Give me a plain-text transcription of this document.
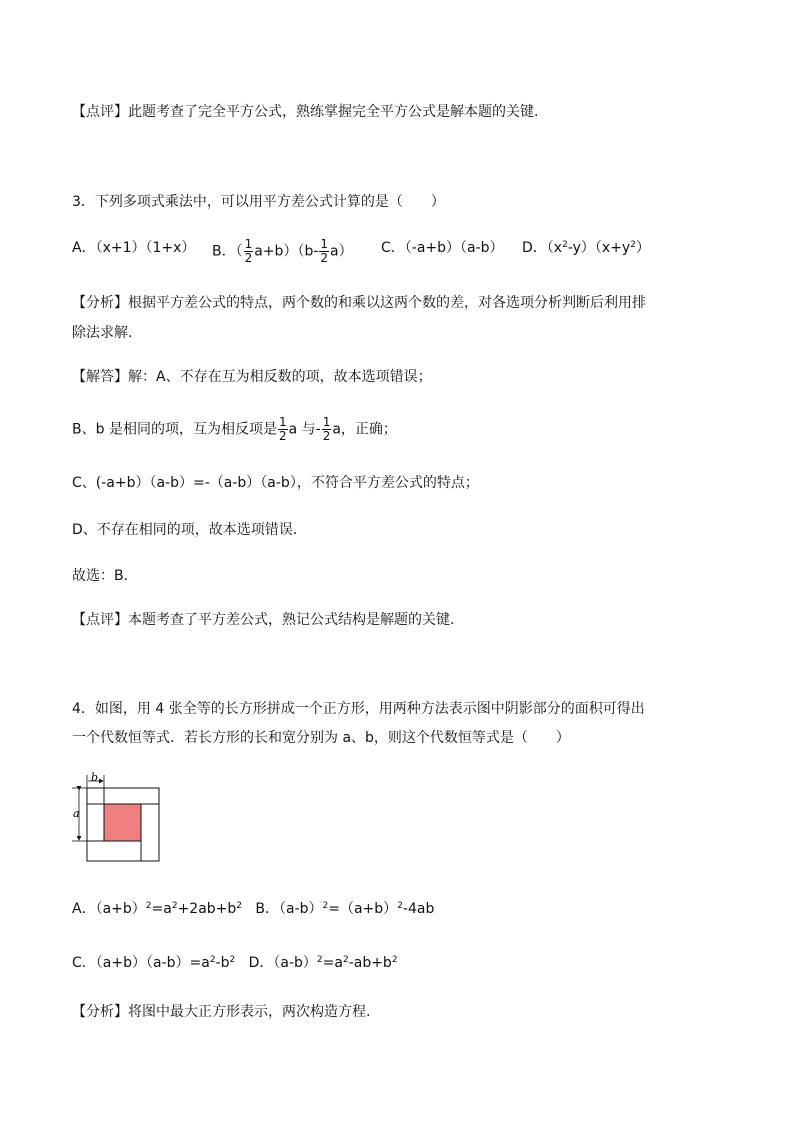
【点评】此题考查了完全平方公式，熟练掌握完全平方公式是解本题的关键.
3．下列多项式乘法中，可以用平方差公式计算的是（　　）
A．（x+1）（1+x） B．（ $\frac{1}{2} a+b)(b- \frac{1}{2} a)$ C．（-a+b）（a-b） D．$(x^2-y)(x+y^2)$
【分析】根据平方差公式的特点，两个数的和乘以这两个数的差，对各选项分析判断后利用排
除法求解.
【解答】解：A、不存在互为相反数的项，故本选项错误；
B、b 是相同的项，互为相反项是 $\frac{1}{2}$ a 与- $\frac{1}{2}$ a，正确；
C、(-a+b）（a-b）=-（a-b）（a-b），不符合平方差公式的特点；
D、不存在相同的项，故本选项错误.
故选：B.
【点评】本题考查了平方差公式，熟记公式结构是解题的关键.
4．如图，用 4 张全等的长方形拼成一个正方形，用两种方法表示图中阴影部分的面积可得出
一个代数恒等式．若长方形的长和宽分别为 a、b，则这个代数恒等式是（　　）
b
a
A．$(a+b)^2=a^2+2ab+b^2$ B．$(a-b)^2=(a+b)^2-4ab$
C．$(a+b)(a-b)=a^2-b^2$ D．$(a-b)^2=a^2-ab+b^2$
【分析】将图中最大正方形表示，两次构造方程.
